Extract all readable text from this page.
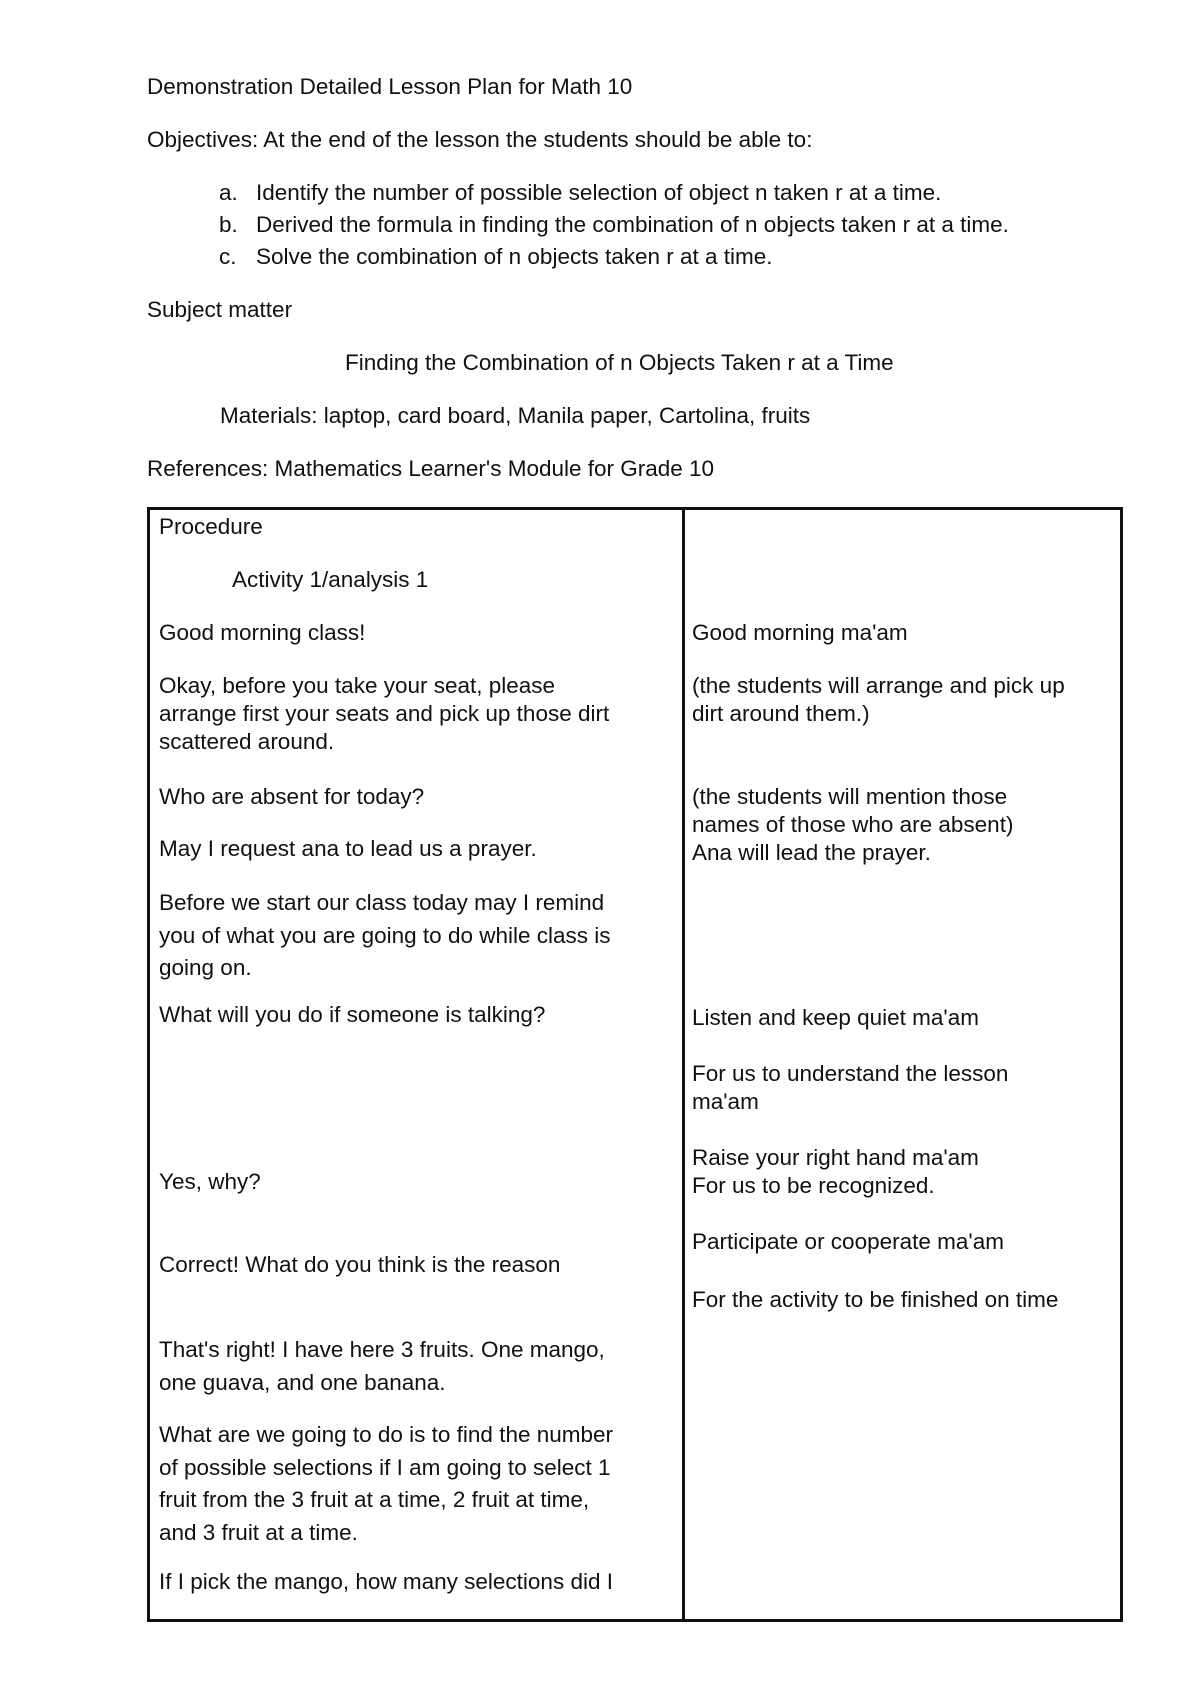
Demonstration Detailed Lesson Plan for Math 10
Objectives: At the end of the lesson the students should be able to:
a. Identify the number of possible selection of object n taken r at a time.
b. Derived the formula in finding the combination of n objects taken r at a time.
c. Solve the combination of n objects taken r at a time.
Subject matter
Finding the Combination of n Objects Taken r at a Time
Materials: laptop, card board, Manila paper, Cartolina, fruits
References: Mathematics Learner's Module for Grade 10
Procedure
Activity 1/analysis 1
Good morning class!
Okay, before you take your seat, please
arrange first your seats and pick up those dirt
scattered around.
Who are absent for today?
May I request ana to lead us a prayer.
Before we start our class today may I remind
you of what you are going to do while class is
going on.
What will you do if someone is talking?
Yes, why?
Correct! What do you think is the reason
That's right! I have here 3 fruits. One mango,
one guava, and one banana.
What are we going to do is to find the number
of possible selections if I am going to select 1
fruit from the 3 fruit at a time, 2 fruit at time,
and 3 fruit at a time.
If I pick the mango, how many selections did I
Good morning ma'am
(the students will arrange and pick up
dirt around them.)
(the students will mention those
names of those who are absent)
Ana will lead the prayer.
Listen and keep quiet ma'am
For us to understand the lesson
ma'am
Raise your right hand ma'am
For us to be recognized.
Participate or cooperate ma'am
For the activity to be finished on time
